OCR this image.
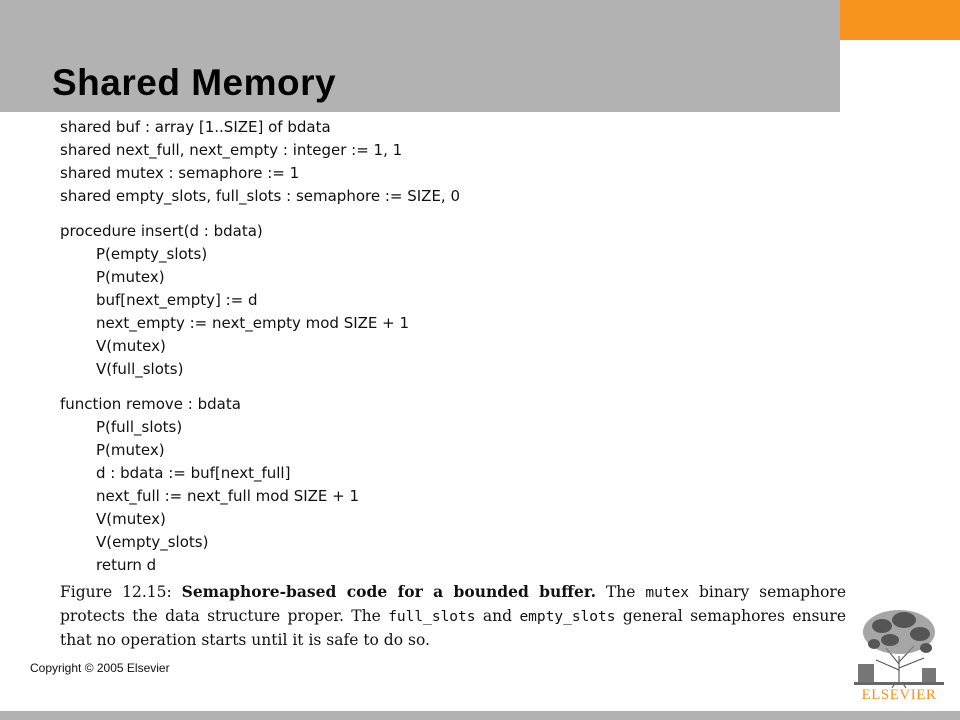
Shared Memory
shared buf : array [1..SIZE] of bdata
shared next_full, next_empty : integer := 1, 1
shared mutex : semaphore := 1
shared empty_slots, full_slots : semaphore := SIZE, 0
procedure insert(d : bdata)
P(empty_slots)
P(mutex)
buf[next_empty] := d
next_empty := next_empty mod SIZE + 1
V(mutex)
V(full_slots)
function remove : bdata
P(full_slots)
P(mutex)
d : bdata := buf[next_full]
next_full := next_full mod SIZE + 1
V(mutex)
V(empty_slots)
return d
Figure 12.15: Semaphore-based code for a bounded buffer. The mutex binary semaphore protects the data structure proper. The full_slots and empty_slots general semaphores ensure that no operation starts until it is safe to do so.
Copyright © 2005 Elsevier
ELSEVIER
